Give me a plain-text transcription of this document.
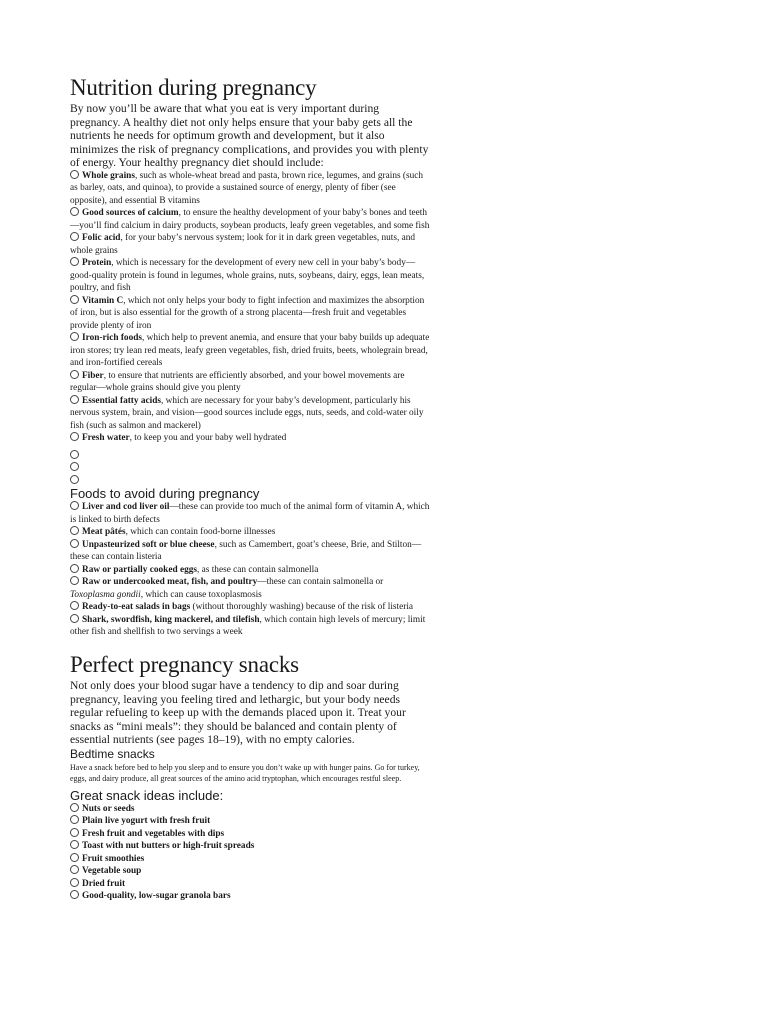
Nutrition during pregnancy

By now you’ll be aware that what you eat is very important during pregnancy. A healthy diet not only helps ensure that your baby gets all the nutrients he needs for optimum growth and development, but it also minimizes the risk of pregnancy complications, and provides you with plenty of energy. Your healthy pregnancy diet should include:

Whole grains, such as whole-wheat bread and pasta, brown rice, legumes, and grains (such as barley, oats, and quinoa), to provide a sustained source of energy, plenty of fiber (see opposite), and essential B vitamins

Good sources of calcium, to ensure the healthy development of your baby’s bones and teeth—you’ll find calcium in dairy products, soybean products, leafy green vegetables, and some fish

Folic acid, for your baby’s nervous system; look for it in dark green vegetables, nuts, and whole grains

Protein, which is necessary for the development of every new cell in your baby’s body—good-quality protein is found in legumes, whole grains, nuts, soybeans, dairy, eggs, lean meats, poultry, and fish

Vitamin C, which not only helps your body to fight infection and maximizes the absorption of iron, but is also essential for the growth of a strong placenta—fresh fruit and vegetables provide plenty of iron

Iron-rich foods, which help to prevent anemia, and ensure that your baby builds up adequate iron stores; try lean red meats, leafy green vegetables, fish, dried fruits, beets, wholegrain bread, and iron-fortified cereals

Fiber, to ensure that nutrients are efficiently absorbed, and your bowel movements are regular—whole grains should give you plenty

Essential fatty acids, which are necessary for your baby’s development, particularly his nervous system, brain, and vision—good sources include eggs, nuts, seeds, and cold-water oily fish (such as salmon and mackerel)

Fresh water, to keep you and your baby well hydrated

Foods to avoid during pregnancy

Liver and cod liver oil—these can provide too much of the animal form of vitamin A, which is linked to birth defects

Meat pâtés, which can contain food-borne illnesses

Unpasteurized soft or blue cheese, such as Camembert, goat’s cheese, Brie, and Stilton—these can contain listeria

Raw or partially cooked eggs, as these can contain salmonella

Raw or undercooked meat, fish, and poultry—these can contain salmonella or Toxoplasma gondii, which can cause toxoplasmosis

Ready-to-eat salads in bags (without thoroughly washing) because of the risk of listeria

Shark, swordfish, king mackerel, and tilefish, which contain high levels of mercury; limit other fish and shellfish to two servings a week

Perfect pregnancy snacks

Not only does your blood sugar have a tendency to dip and soar during pregnancy, leaving you feeling tired and lethargic, but your body needs regular refueling to keep up with the demands placed upon it. Treat your snacks as “mini meals”: they should be balanced and contain plenty of essential nutrients (see pages 18–19), with no empty calories.

Bedtime snacks

Have a snack before bed to help you sleep and to ensure you don’t wake up with hunger pains. Go for turkey, eggs, and dairy produce, all great sources of the amino acid tryptophan, which encourages restful sleep.

Great snack ideas include:

Nuts or seeds

Plain live yogurt with fresh fruit

Fresh fruit and vegetables with dips

Toast with nut butters or high-fruit spreads

Fruit smoothies

Vegetable soup

Dried fruit

Good-quality, low-sugar granola bars
